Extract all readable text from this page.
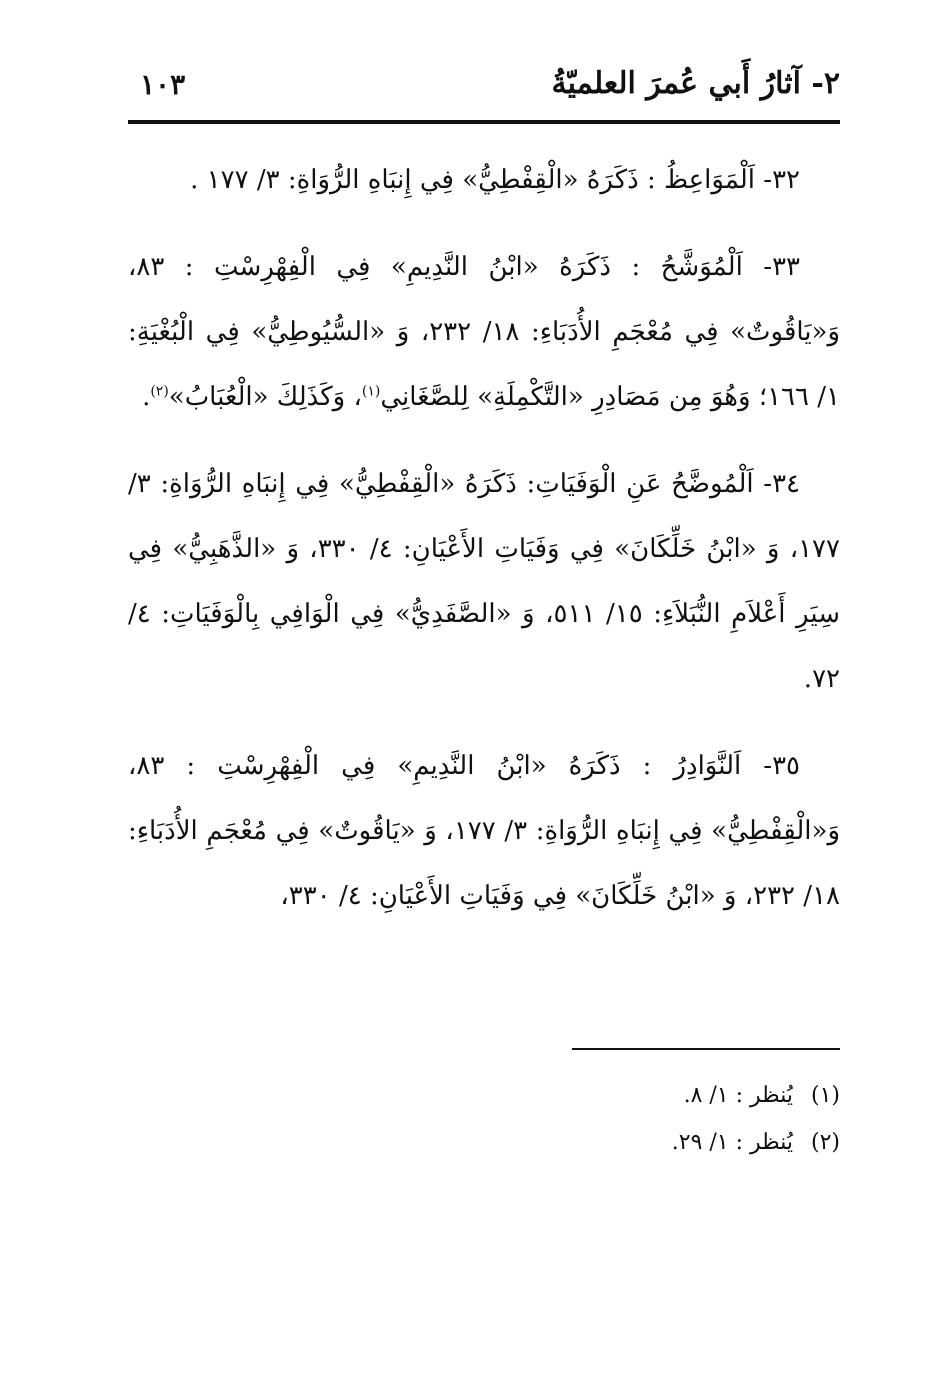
٢- آثارُ أَبي عُمرَ العلميّةُ
١٠٣

٣٢- اَلْمَوَاعِظُ : ذَكَرَهُ «الْقِفْطِيُّ» فِي إِنبَاهِ الرُّوَاةِ: ٣/ ١٧٧ .

٣٣- اَلْمُوَشَّحُ : ذَكَرَهُ «ابْنُ النَّدِيمِ» فِي الْفِهْرِسْتِ : ٨٣، وَ«يَاقُوتٌ» فِي مُعْجَمِ الأُدَبَاءِ: ١٨/ ٢٣٢، وَ «السُّيُوطِيُّ» فِي الْبُغْيَةِ: ١/ ١٦٦؛ وَهُوَ مِن مَصَادِرِ «التَّكْمِلَةِ» لِلصَّغَانِي$^{(١)}$، وَكَذَلِكَ «الْعُبَابُ»$^{(٢)}$.

٣٤- اَلْمُوضَّحُ عَنِ الْوَفَيَاتِ: ذَكَرَهُ «الْقِفْطِيُّ» فِي إِنبَاهِ الرُّوَاةِ: ٣/ ١٧٧، وَ «ابْنُ خَلِّكَانَ» فِي وَفَيَاتِ الأَعْيَانِ: ٤/ ٣٣٠، وَ «الذَّهَبِيُّ» فِي سِيَرِ أَعْلاَمِ النُّبَلاَءِ: ١٥/ ٥١١، وَ «الصَّفَدِيُّ» فِي الْوَافِي بِالْوَفَيَاتِ: ٤/ ٧٢.

٣٥- اَلنَّوَادِرُ : ذَكَرَهُ «ابْنُ النَّدِيمِ» فِي الْفِهْرِسْتِ : ٨٣، وَ«الْقِفْطِيُّ» فِي إِنبَاهِ الرُّوَاةِ: ٣/ ١٧٧، وَ «يَاقُوتٌ» فِي مُعْجَمِ الأُدَبَاءِ: ١٨/ ٢٣٢، وَ «ابْنُ خَلِّكَانَ» فِي وَفَيَاتِ الأَعْيَانِ: ٤/ ٣٣٠،

(١)يُنظر : ١/ ٨.
(٢)يُنظر : ١/ ٢٩.
